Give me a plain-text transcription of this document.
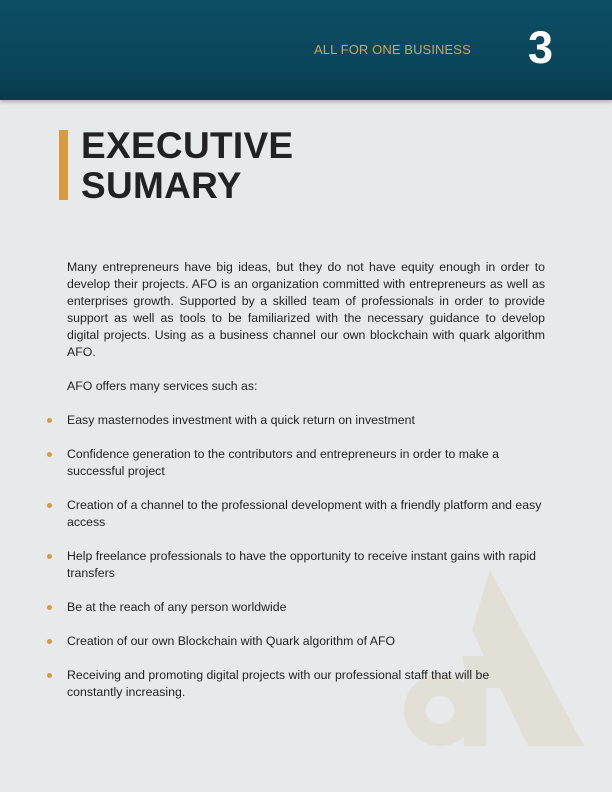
ALL FOR ONE BUSINESS 3
EXECUTIVE
SUMARY

Many entrepreneurs have big ideas, but they do not have equity enough in order to develop their projects. AFO is an organization committed with entrepreneurs as well as enterprises growth. Supported by a skilled team of professionals in order to provide support as well as tools to be familiarized with the necessary guidance to develop digital projects. Using as a business channel our own blockchain with quark algorithm AFO.

AFO offers many services such as:

Easy masternodes investment with a quick return on investment
Confidence generation to the contributors and entrepreneurs in order to make a successful project
Creation of a channel to the professional development with a friendly platform and easy access
Help freelance professionals to have the opportunity to receive instant gains with rapid transfers
Be at the reach of any person worldwide
Creation of our own Blockchain with Quark algorithm of AFO
Receiving and promoting digital projects with our professional staff that will be constantly increasing.
